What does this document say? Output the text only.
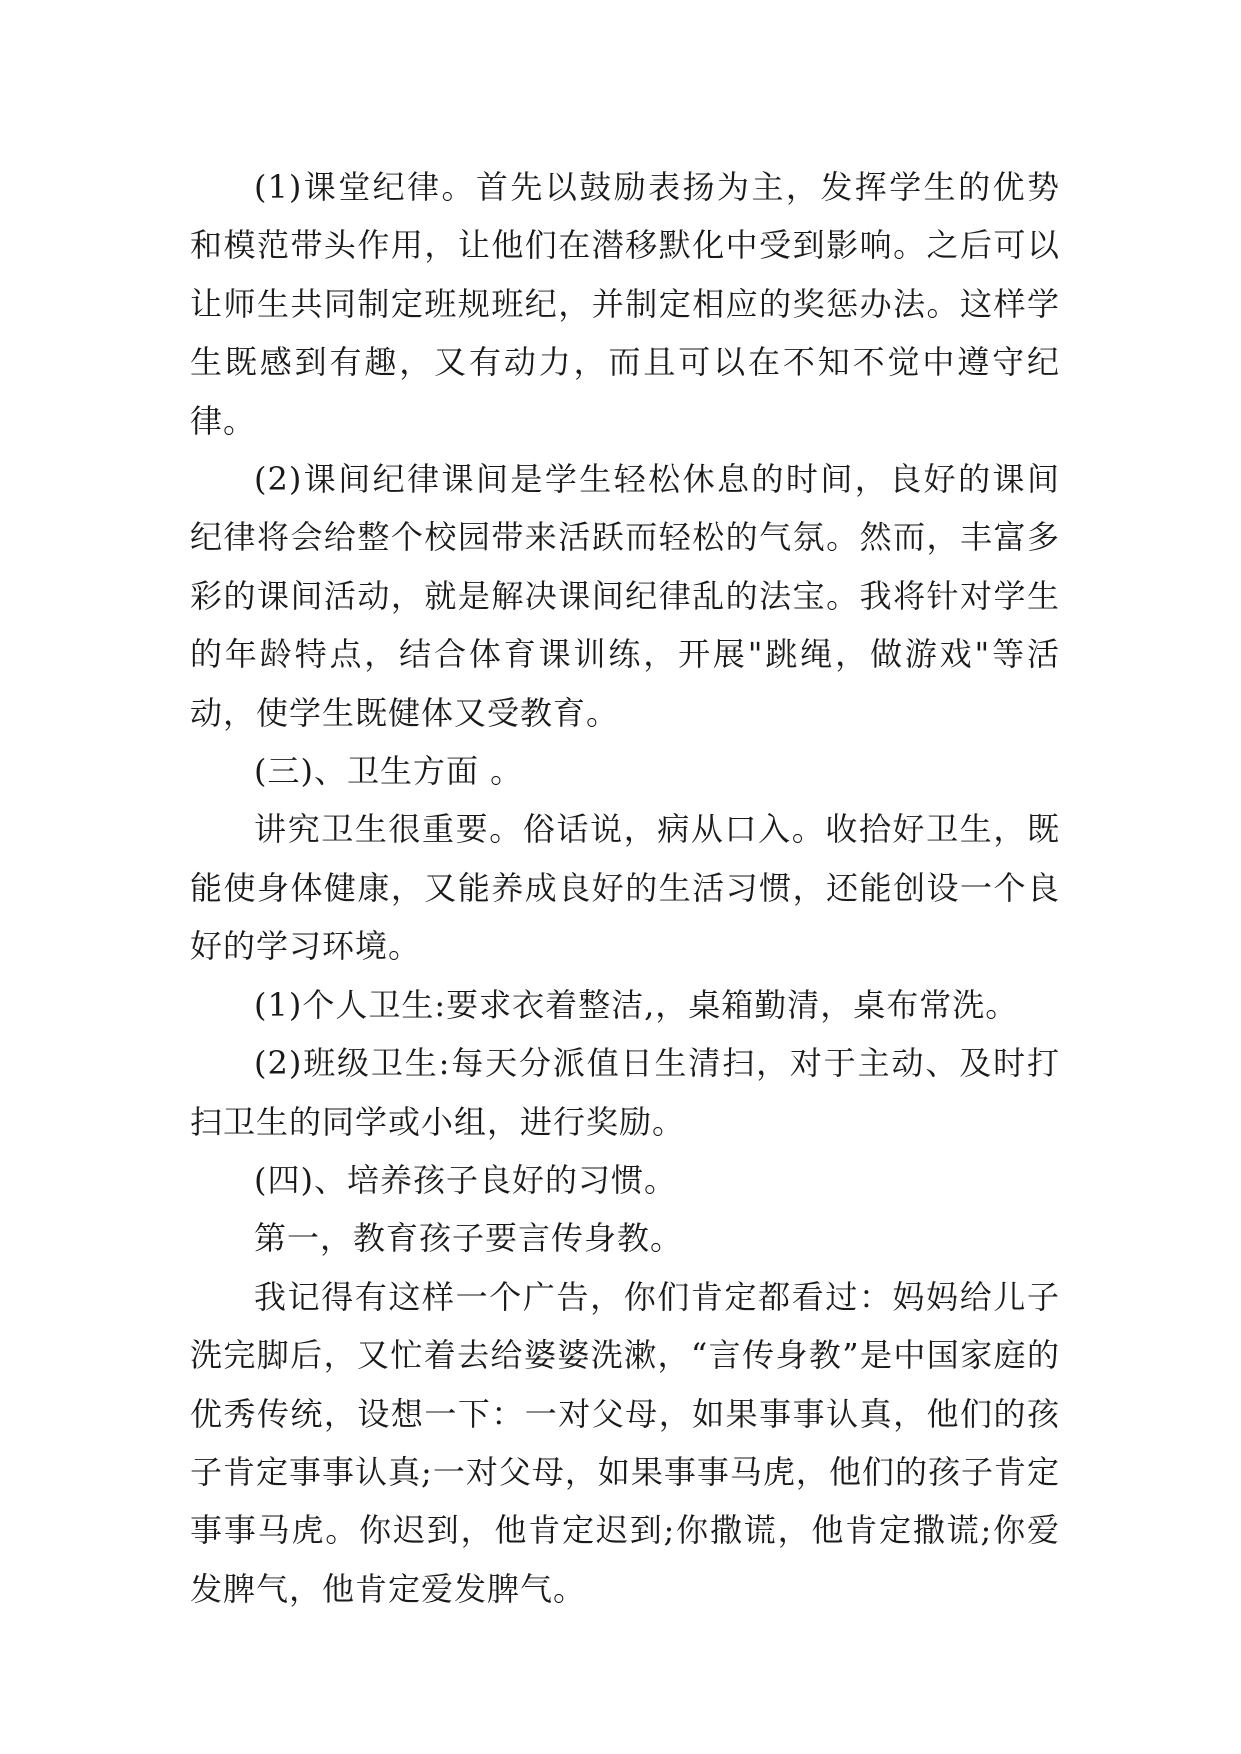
(1)课堂纪律。首先以鼓励表扬为主，发挥学生的优势和模范带头作用，让他们在潜移默化中受到影响。之后可以让师生共同制定班规班纪，并制定相应的奖惩办法。这样学生既感到有趣，又有动力，而且可以在不知不觉中遵守纪律。

(2)课间纪律课间是学生轻松休息的时间，良好的课间纪律将会给整个校园带来活跃而轻松的气氛。然而，丰富多彩的课间活动，就是解决课间纪律乱的法宝。我将针对学生的年龄特点，结合体育课训练，开展"跳绳，做游戏"等活动，使学生既健体又受教育。

(三)、卫生方面 。

讲究卫生很重要。俗话说，病从口入。收拾好卫生，既能使身体健康，又能养成良好的生活习惯，还能创设一个良好的学习环境。

(1)个人卫生:要求衣着整洁,，桌箱勤清，桌布常洗。

(2)班级卫生:每天分派值日生清扫，对于主动、及时打扫卫生的同学或小组，进行奖励。

(四)、培养孩子良好的习惯。

第一，教育孩子要言传身教。

我记得有这样一个广告，你们肯定都看过：妈妈给儿子洗完脚后，又忙着去给婆婆洗漱，“言传身教”是中国家庭的优秀传统，设想一下：一对父母，如果事事认真，他们的孩子肯定事事认真;一对父母，如果事事马虎，他们的孩子肯定事事马虎。你迟到，他肯定迟到;你撒谎，他肯定撒谎;你爱发脾气，他肯定爱发脾气。
